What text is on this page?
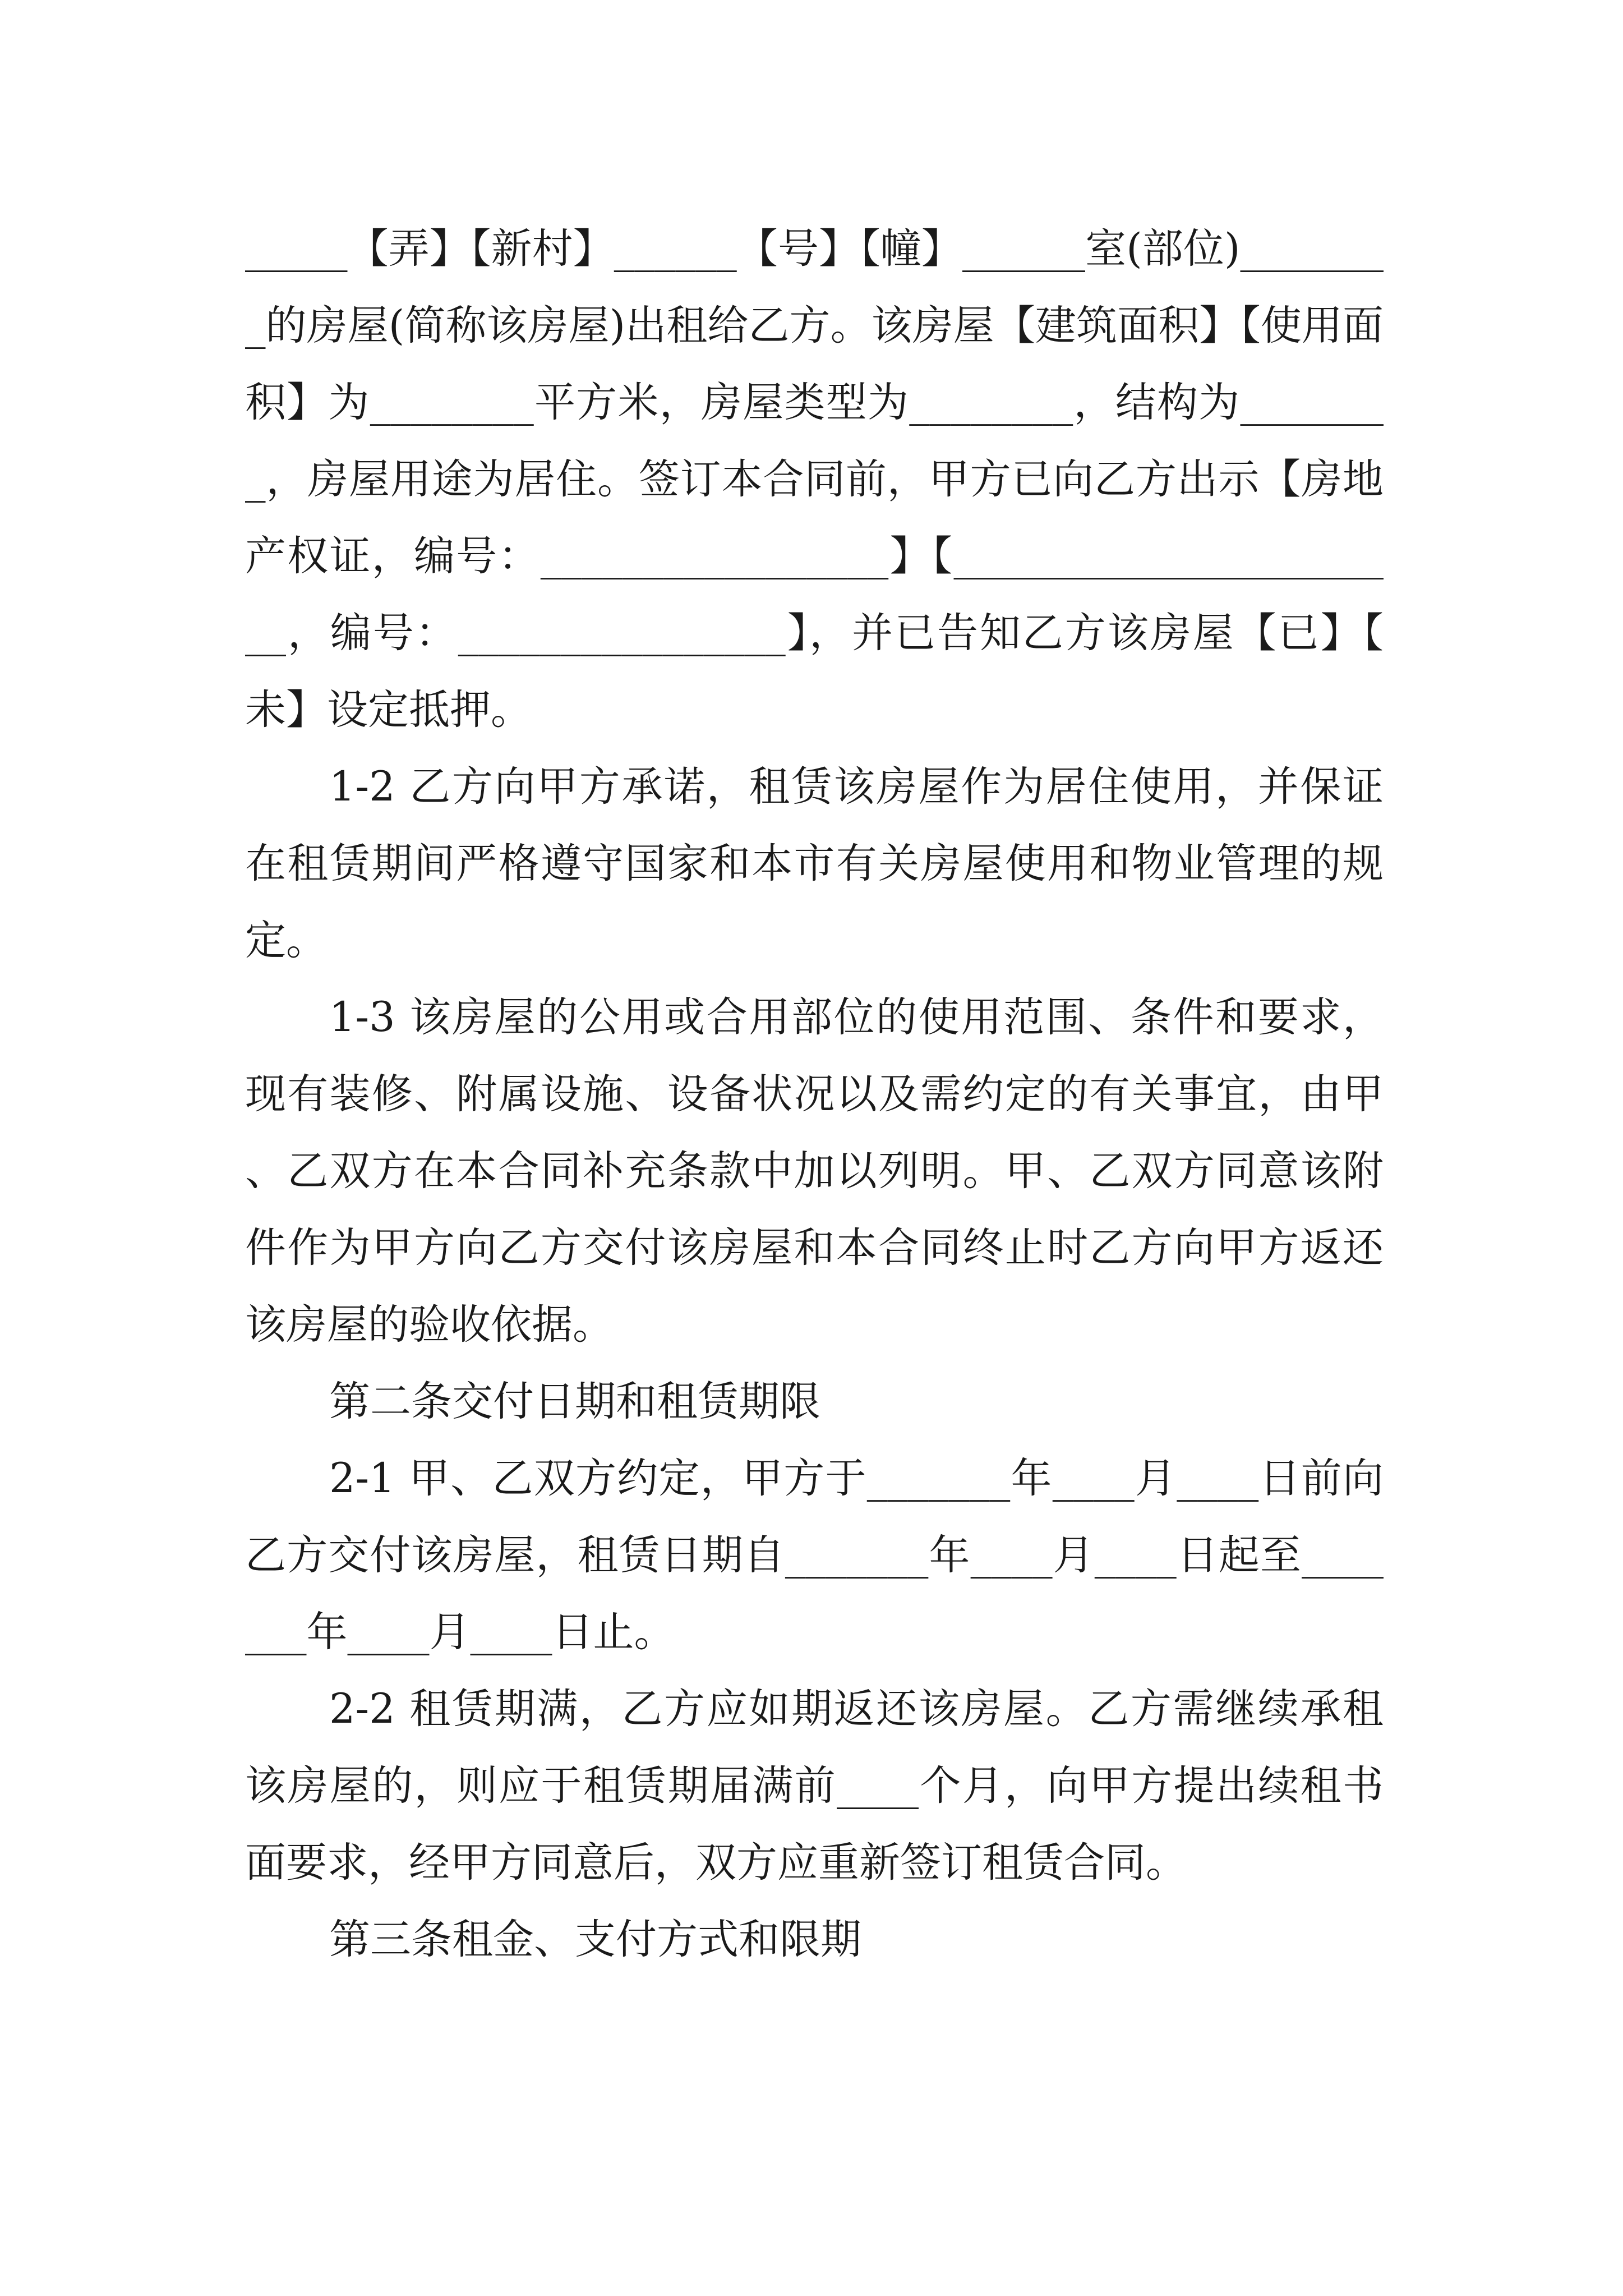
_____【弄】【新村】______【号】【幢】______室(部位)________的房屋(简称该房屋)出租给乙方。该房屋【建筑面积】【使用面积】为________平方米，房屋类型为________，结构为________，房屋用途为居住。签订本合同前，甲方已向乙方出示【房地产权证，编号：_________________】【_______________________，编号：________________】，并已告知乙方该房屋【已】【未】设定抵押。

1-2 乙方向甲方承诺，租赁该房屋作为居住使用，并保证在租赁期间严格遵守国家和本市有关房屋使用和物业管理的规定。

1-3 该房屋的公用或合用部位的使用范围、条件和要求，现有装修、附属设施、设备状况以及需约定的有关事宜，由甲、乙双方在本合同补充条款中加以列明。甲、乙双方同意该附件作为甲方向乙方交付该房屋和本合同终止时乙方向甲方返还该房屋的验收依据。

第二条交付日期和租赁期限

2-1 甲、乙双方约定，甲方于_______年____月____日前向乙方交付该房屋，租赁日期自_______年____月____日起至_______年____月____日止。

2-2 租赁期满，乙方应如期返还该房屋。乙方需继续承租该房屋的，则应于租赁期届满前____个月，向甲方提出续租书面要求，经甲方同意后，双方应重新签订租赁合同。

第三条租金、支付方式和限期
